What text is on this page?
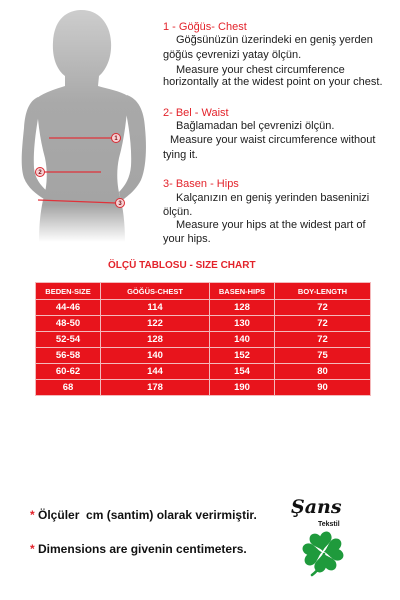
1
2
3
1 - Göğüs- Chest
Göğsünüzün üzerindeki en geniş yerden
göğüs çevrenizi yatay ölçün.
Measure your chest circumference
horizontally at the widest point on your chest.
2- Bel - Waist
Bağlamadan bel çevrenizi ölçün.
Measure your waist circumference without
tying it.
3- Basen - Hips
Kalçanızın en geniş yerinden baseninizi
ölçün.
Measure your hips at the widest part of
your hips.
ÖLÇÜ TABLOSU - SIZE CHART
BEDEN-SIZE	GÖĞÜS-CHEST	BASEN-HIPS	BOY-LENGTH
44-46	114	128	72
48-50	122	130	72
52-54	128	140	72
56-58	140	152	75
60-62	144	154	80
68	178	190	90
* Ölçüler  cm (santim) olarak verirmiştir.
* Dimensions are givenin centimeters.
Şans
Tekstil
